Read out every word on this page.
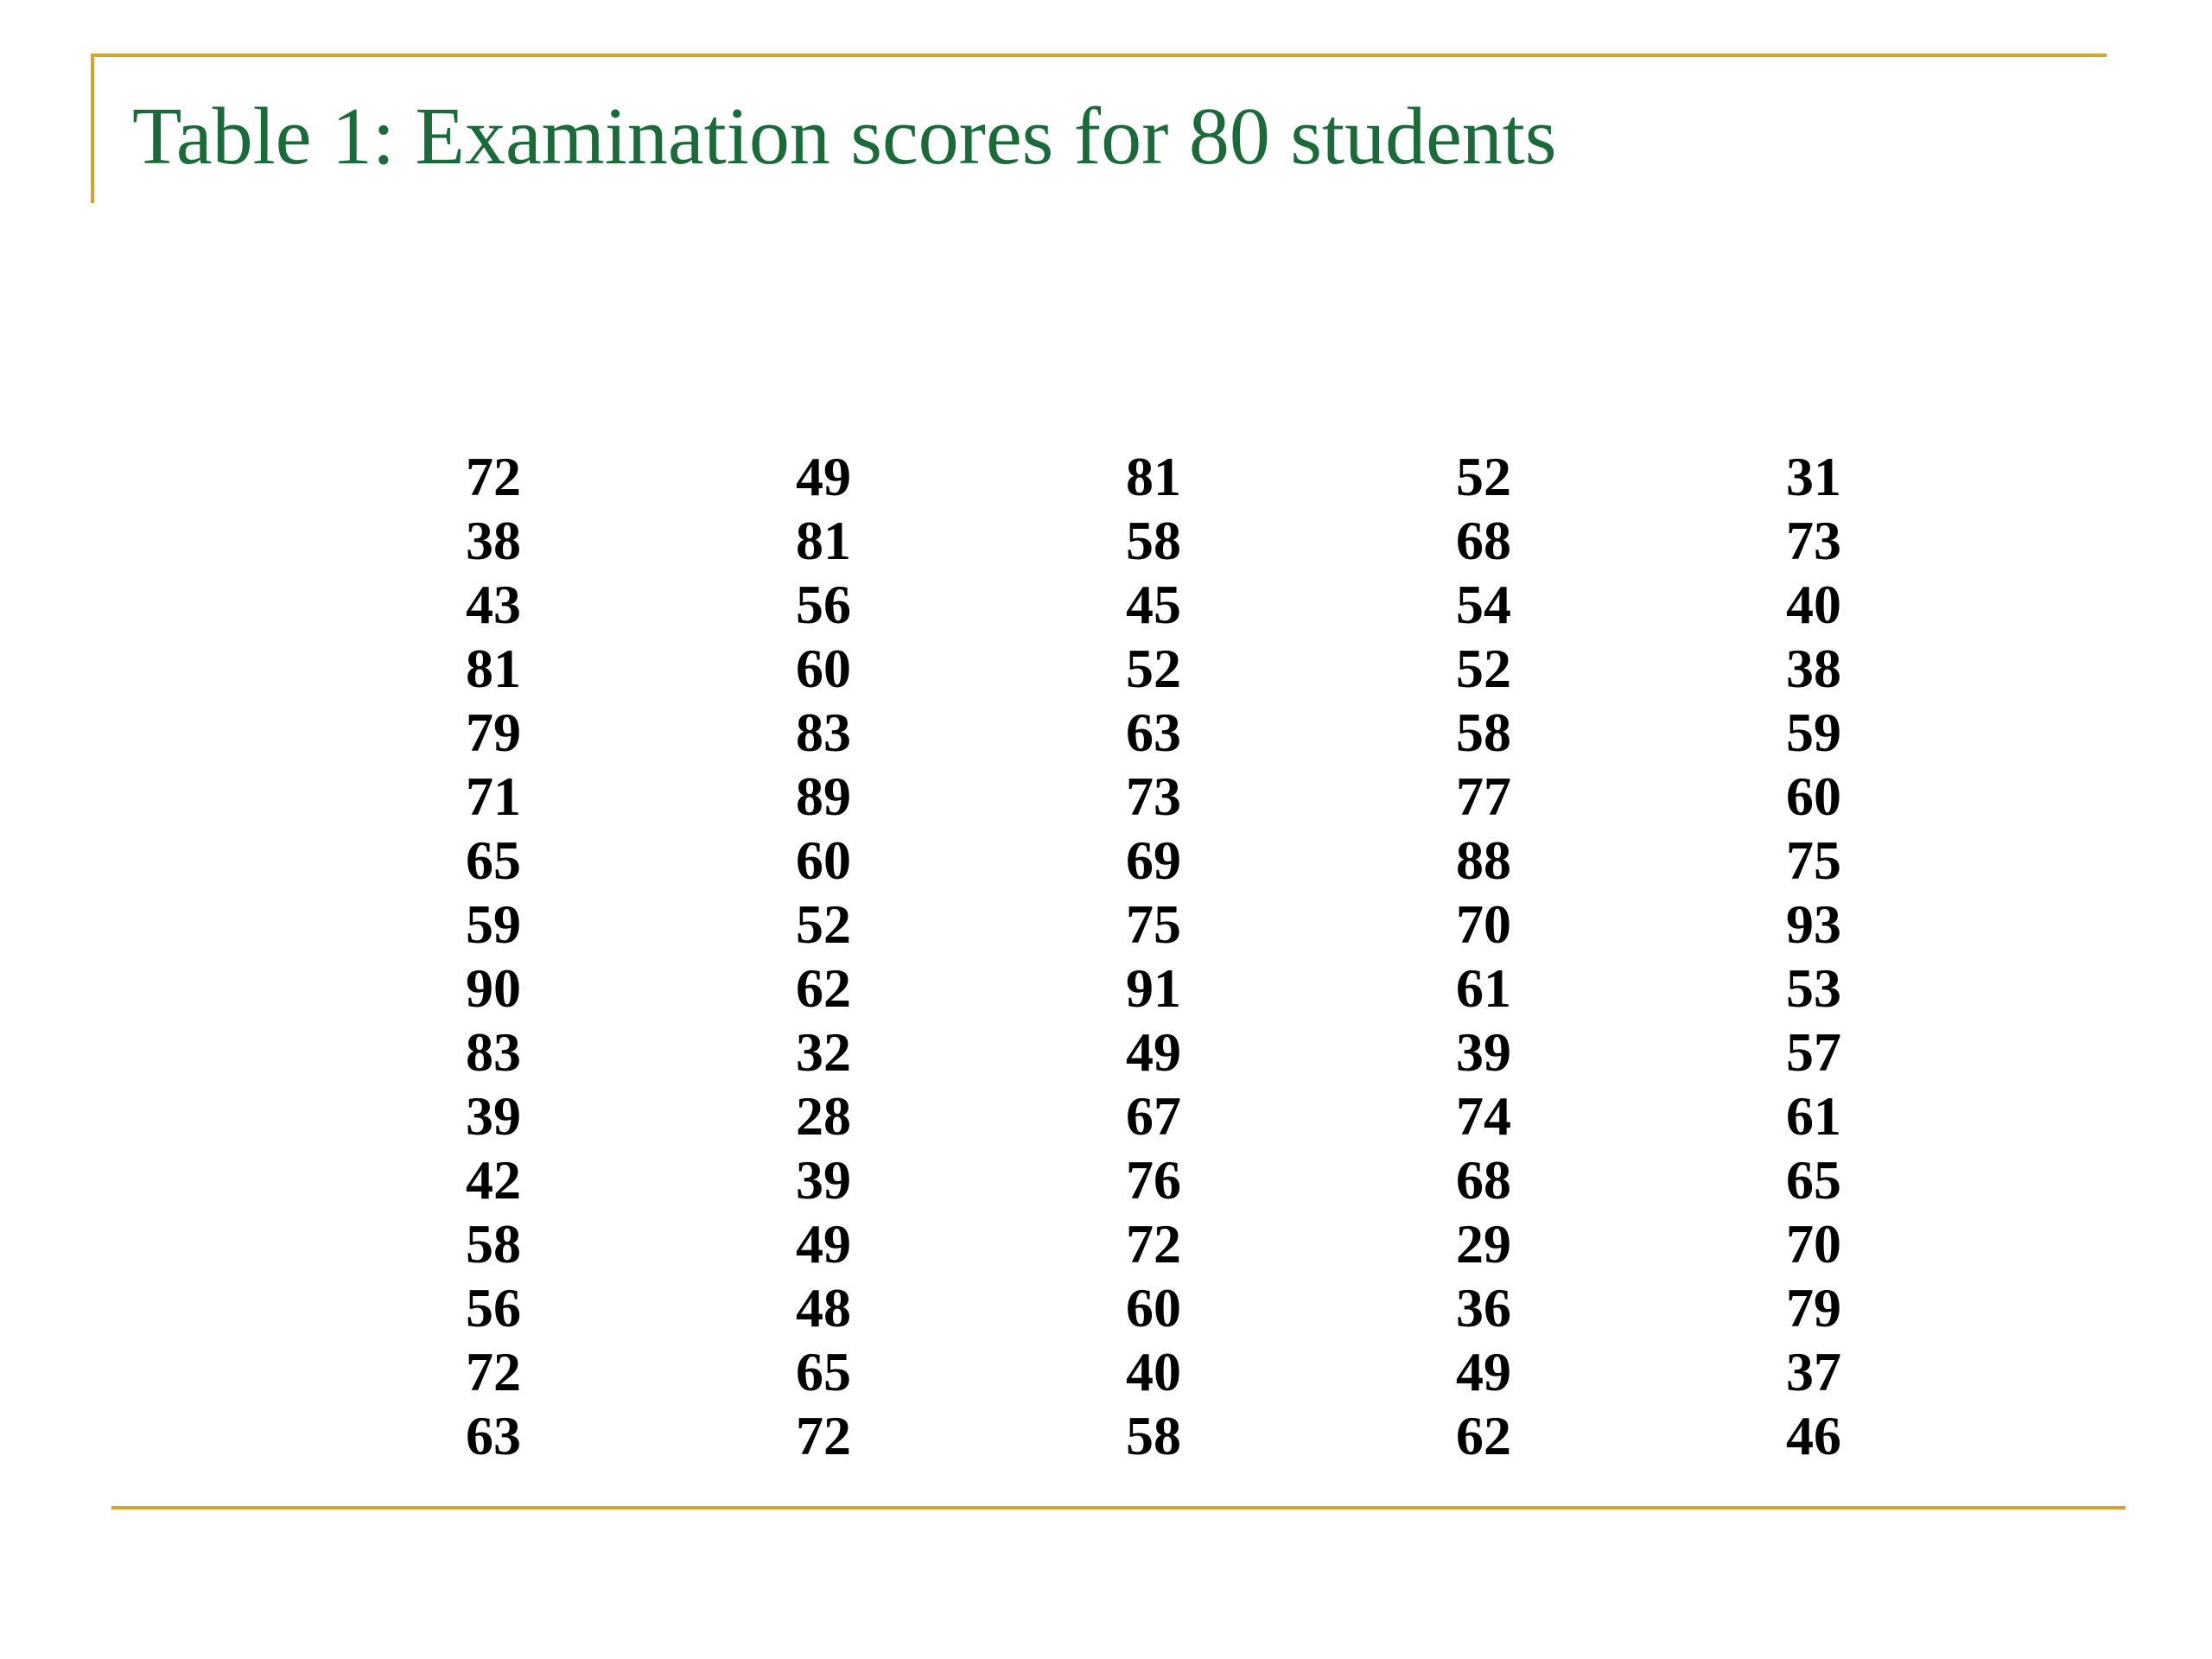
Table 1: Examination scores for 80 students
72	49	81	52	31
38	81	58	68	73
43	56	45	54	40
81	60	52	52	38
79	83	63	58	59
71	89	73	77	60
65	60	69	88	75
59	52	75	70	93
90	62	91	61	53
83	32	49	39	57
39	28	67	74	61
42	39	76	68	65
58	49	72	29	70
56	48	60	36	79
72	65	40	49	37
63	72	58	62	46
